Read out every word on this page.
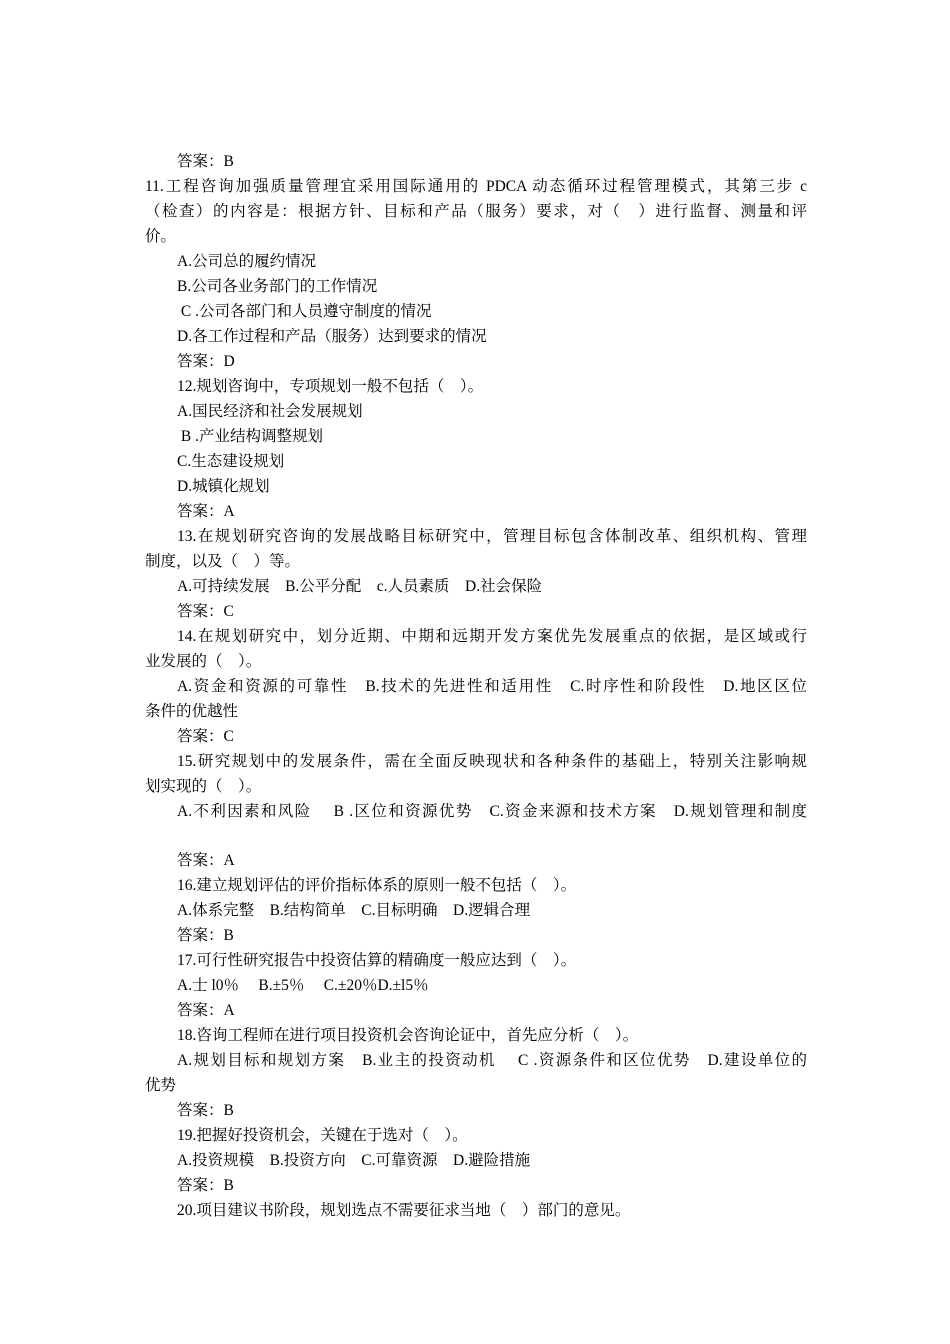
答案：B
11.工程咨询加强质量管理宜采用国际通用的 PDCA 动态循环过程管理模式，其第三步 c
（检查）的内容是：根据方针、目标和产品（服务）要求，对（　）进行监督、测量和评
价。
A.公司总的履约情况
B.公司各业务部门的工作情况
C .公司各部门和人员遵守制度的情况
D.各工作过程和产品（服务）达到要求的情况
答案：D
12.规划咨询中，专项规划一般不包括（　）。
A.国民经济和社会发展规划
B .产业结构调整规划
C.生态建设规划
D.城镇化规划
答案：A
13.在规划研究咨询的发展战略目标研究中，管理目标包含体制改革、组织机构、管理
制度，以及（　）等。
A.可持续发展　B.公平分配　c.人员素质　D.社会保险
答案：C
14.在规划研究中，划分近期、中期和远期开发方案优先发展重点的依据，是区域或行
业发展的（　）。
A.资金和资源的可靠性　B.技术的先进性和适用性　C.时序性和阶段性　D.地区区位
条件的优越性
答案：C
15.研究规划中的发展条件，需在全面反映现状和各种条件的基础上，特别关注影响规
划实现的（　）。
A.不利因素和风险　 B .区位和资源优势　C.资金来源和技术方案　D.规划管理和制度
答案：A
16.建立规划评估的评价指标体系的原则一般不包括（　）。
A.体系完整　B.结构简单　C.目标明确　D.逻辑合理
答案：B
17.可行性研究报告中投资估算的精确度一般应达到（　）。
A.士 l0％　 B.±5％　 C.±20％D.±l5％
答案：A
18.咨询工程师在进行项目投资机会咨询论证中，首先应分析（　）。
A.规划目标和规划方案　B.业主的投资动机　 C .资源条件和区位优势　D.建设单位的
优势
答案：B
19.把握好投资机会，关键在于选对（　）。
A.投资规模　B.投资方向　C.可靠资源　D.避险措施
答案：B
20.项目建议书阶段，规划选点不需要征求当地（　）部门的意见。
